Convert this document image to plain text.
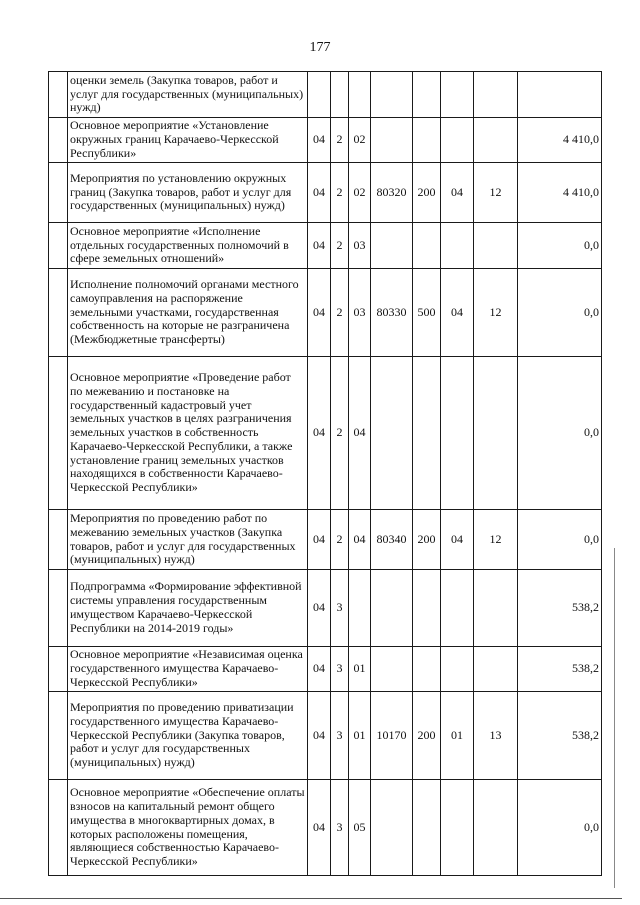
177
	оценки земель (Закупка товаров, работ и услуг для государственных (муниципальных) нужд)								
	Основное мероприятие «Установление окружных границ Карачаево-Черкесской Республики»	04	2	02					4 410,0
	Мероприятия по установлению окружных границ (Закупка товаров, работ и услуг для государственных (муниципальных) нужд)	04	2	02	80320	200	04	12	4 410,0
	Основное мероприятие «Исполнение отдельных государственных полномочий в сфере земельных отношений»	04	2	03					0,0
	Исполнение полномочий органами местного самоуправления на распоряжение земельными участками, государственная собственность на которые не разграничена (Межбюджетные трансферты)	04	2	03	80330	500	04	12	0,0
	Основное мероприятие «Проведение работ по межеванию и постановке на государственный кадастровый учет земельных участков в целях разграничения земельных участков в собственность Карачаево-Черкесской Республики, а также установление границ земельных участков находящихся в собственности Карачаево-Черкесской Республики»	04	2	04					0,0
	Мероприятия по проведению работ по межеванию земельных участков (Закупка товаров, работ и услуг для государственных (муниципальных) нужд)	04	2	04	80340	200	04	12	0,0
	Подпрограмма «Формирование эффективной системы управления государственным имуществом Карачаево-Черкесской Республики на 2014-2019 годы»	04	3						538,2
	Основное мероприятие «Независимая оценка государственного имущества Карачаево-Черкесской Республики»	04	3	01					538,2
	Мероприятия по проведению приватизации государственного имущества Карачаево-Черкесской Республики (Закупка товаров, работ и услуг для государственных (муниципальных) нужд)	04	3	01	10170	200	01	13	538,2
	Основное мероприятие «Обеспечение оплаты взносов на капитальный ремонт общего имущества в многоквартирных домах, в которых расположены помещения, являющиеся собственностью Карачаево-Черкесской Республики»	04	3	05					0,0
